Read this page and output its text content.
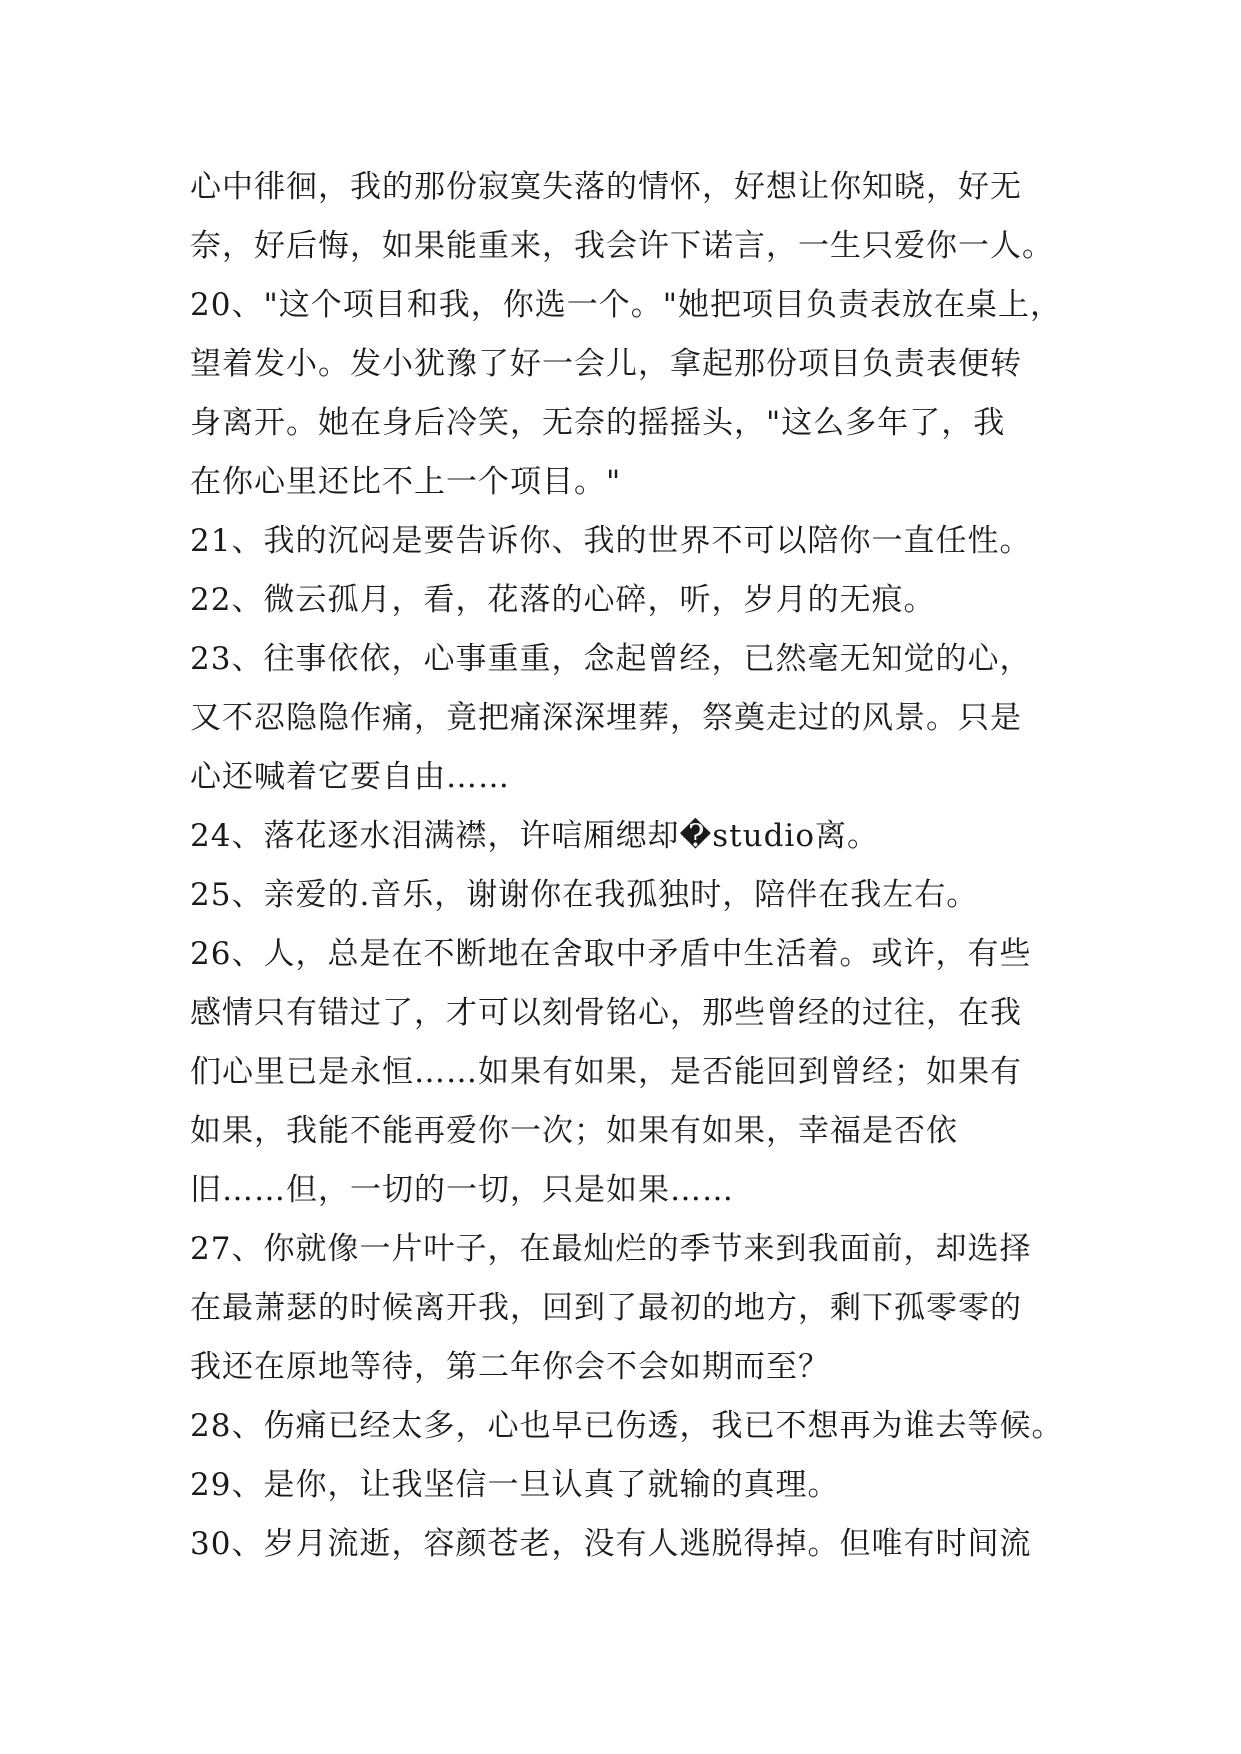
心中徘徊，我的那份寂寞失落的情怀，好想让你知晓，好无
奈，好后悔，如果能重来，我会许下诺言，一生只爱你一人。
20、"这个项目和我，你选一个。"她把项目负责表放在桌上，
望着发小。发小犹豫了好一会儿，拿起那份项目负责表便转
身离开。她在身后冷笑，无奈的摇摇头，"这么多年了，我
在你心里还比不上一个项目。"
21、我的沉闷是要告诉你、我的世界不可以陪你一直任性。
22、微云孤月，看，花落的心碎，听，岁月的无痕。
23、往事依依，心事重重，念起曾经，已然毫无知觉的心，
又不忍隐隐作痛，竟把痛深深埋葬，祭奠走过的风景。只是
心还喊着它要自由……
24、落花逐水泪满襟，许唁厢缌却�studio离。
25、亲爱的.音乐，谢谢你在我孤独时，陪伴在我左右。
26、人，总是在不断地在舍取中矛盾中生活着。或许，有些
感情只有错过了，才可以刻骨铭心，那些曾经的过往，在我
们心里已是永恒……如果有如果，是否能回到曾经；如果有
如果，我能不能再爱你一次；如果有如果，幸福是否依
旧……但，一切的一切，只是如果……
27、你就像一片叶子，在最灿烂的季节来到我面前，却选择
在最萧瑟的时候离开我，回到了最初的地方，剩下孤零零的
我还在原地等待，第二年你会不会如期而至？
28、伤痛已经太多，心也早已伤透，我已不想再为谁去等候。
29、是你，让我坚信一旦认真了就输的真理。
30、岁月流逝，容颜苍老，没有人逃脱得掉。但唯有时间流
